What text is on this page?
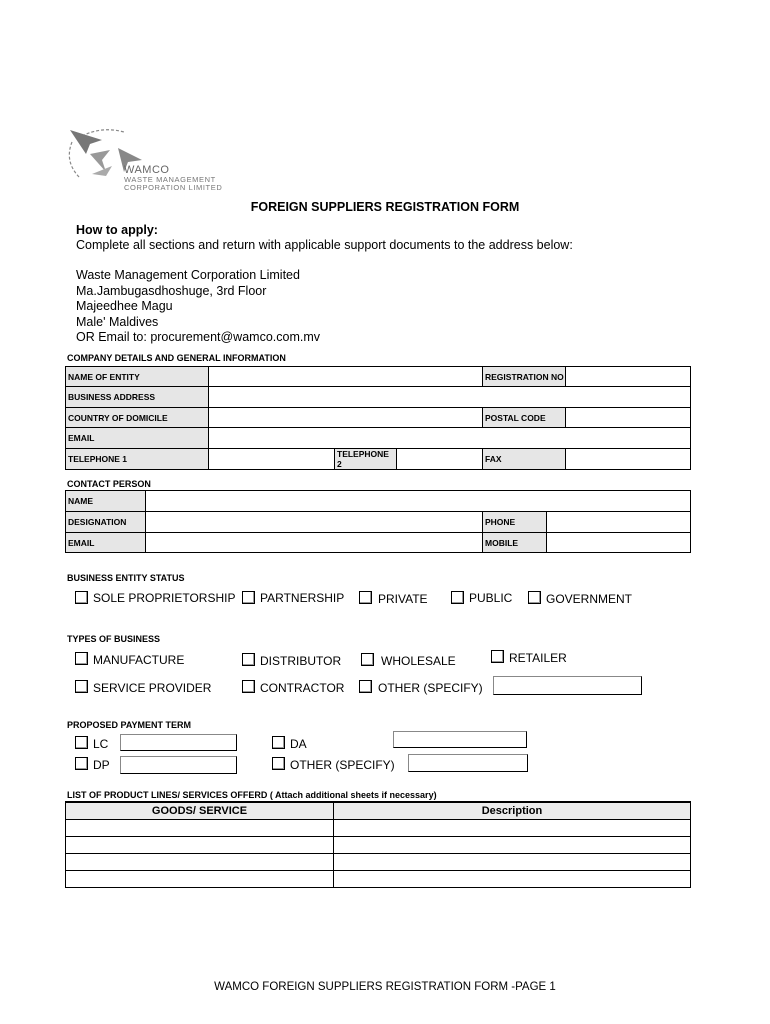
WAMCO
WASTE MANAGEMENT
CORPORATION LIMITED
FOREIGN SUPPLIERS REGISTRATION FORM
How to apply:
Complete all sections and return with applicable support documents to the address below:
Waste Management Corporation Limited
Ma.Jambugasdhoshuge, 3rd Floor
Majeedhee Magu
Male' Maldives
OR Email to: procurement@wamco.com.mv
COMPANY DETAILS AND GENERAL INFORMATION
NAME OF ENTITY	REGISTRATION NO
BUSINESS ADDRESS
COUNTRY OF DOMICILE	POSTAL CODE
EMAIL
TELEPHONE 1	TELEPHONE 2	FAX
CONTACT PERSON
NAME
DESIGNATION	PHONE
EMAIL	MOBILE
BUSINESS ENTITY STATUS
SOLE PROPRIETORSHIP PARTNERSHIP	PRIVATE	PUBLIC	GOVERNMENT
TYPES OF BUSINESS
MANUFACTURE	DISTRIBUTOR	WHOLESALE	RETAILER
SERVICE PROVIDER	CONTRACTOR	OTHER (SPECIFY)
PROPOSED PAYMENT TERM
LC	DA
DP	OTHER (SPECIFY)
LIST OF PRODUCT LINES/ SERVICES OFFERD ( Attach additional sheets if necessary)
GOODS/ SERVICE	Description

WAMCO FOREIGN SUPPLIERS REGISTRATION FORM -PAGE 1
